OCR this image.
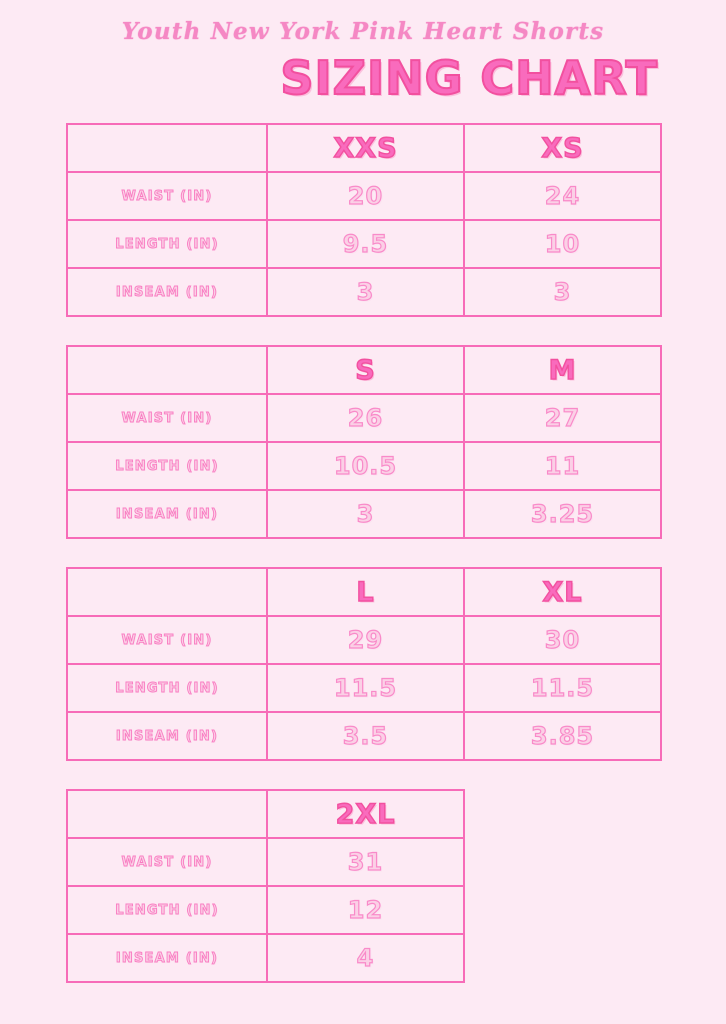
Youth New York Pink Heart Shorts
SIZING CHART
	XXS	XS
WAIST (IN)	20	24
LENGTH (IN)	9.5	10
INSEAM (IN)	3	3
	S	M
WAIST (IN)	26	27
LENGTH (IN)	10.5	11
INSEAM (IN)	3	3.25
	L	XL
WAIST (IN)	29	30
LENGTH (IN)	11.5	11.5
INSEAM (IN)	3.5	3.85
	2XL
WAIST (IN)	31
LENGTH (IN)	12
INSEAM (IN)	4
